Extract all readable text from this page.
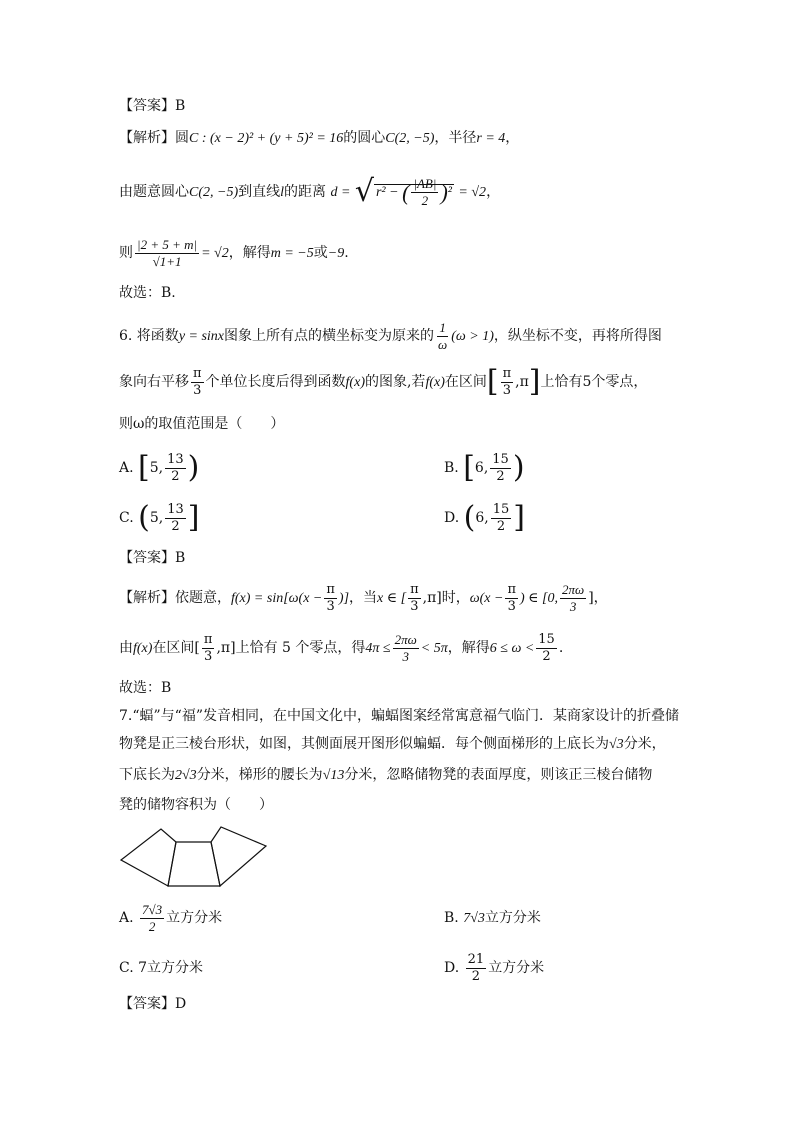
【答案】B
【解析】圆C : (x − 2)² + (y + 5)² = 16的圆心C(2, −5)，半径r = 4，
由题意圆心C(2, −5)到直线l的距离 d = √ r² − ( $\frac{|AB|}{2} )^2 = √2$，
则 $\frac{|2 + 5 + m|}{√1+1} = √2$，解得m = −5或−9.
故选：B.
6. 将函数y = sinx图象上所有点的横坐标变为原来的 $\frac{1}{\omega} (\omega > 1)$，纵坐标不变，再将所得图
象向右平移 $\frac{\pi}{3}$ 个单位长度后得到函数f(x)的图象,若f(x)在区间[ $\frac{\pi}{3} ,\pi$]上恰有5个零点，
则ω的取值范围是（　　）
A. [5, $\frac{13}{2}$ )	B. [6, $\frac{15}{2}$ )
C. (5, $\frac{13}{2}$ ]	D. (6, $\frac{15}{2}$ ]
【答案】B
【解析】依题意，$f(x) = \sin[\omega(x - \frac{\pi}{3}$ )]，当x ∈ [ $\frac{\pi}{3} ,\pi$]时，$\omega(x - \frac{\pi}{3}$ ) ∈ [0, $\frac{2\pi\omega}{3}$ ]，
由f(x)在区间[ $\frac{\pi}{3} ,\pi$]上恰有 5 个零点，得$4\pi \le \frac{2\pi\omega}{3} < 5\pi$，解得$6 \le \omega < \frac{15}{2}$ .
故选：B
7.“蝠”与“福”发音相同，在中国文化中，蝙蝠图案经常寓意福气临门．某商家设计的折叠储
物凳是正三棱台形状，如图，其侧面展开图形似蝙蝠．每个侧面梯形的上底长为√3分米，
下底长为2√3分米，梯形的腰长为√13分米，忽略储物凳的表面厚度，则该正三棱台储物
凳的储物容积为（　　）
A. $\frac{7√3}{2}$ 立方分米	B. 7√3立方分米
C. 7立方分米	D. $\frac{21}{2}$ 立方分米
【答案】D
